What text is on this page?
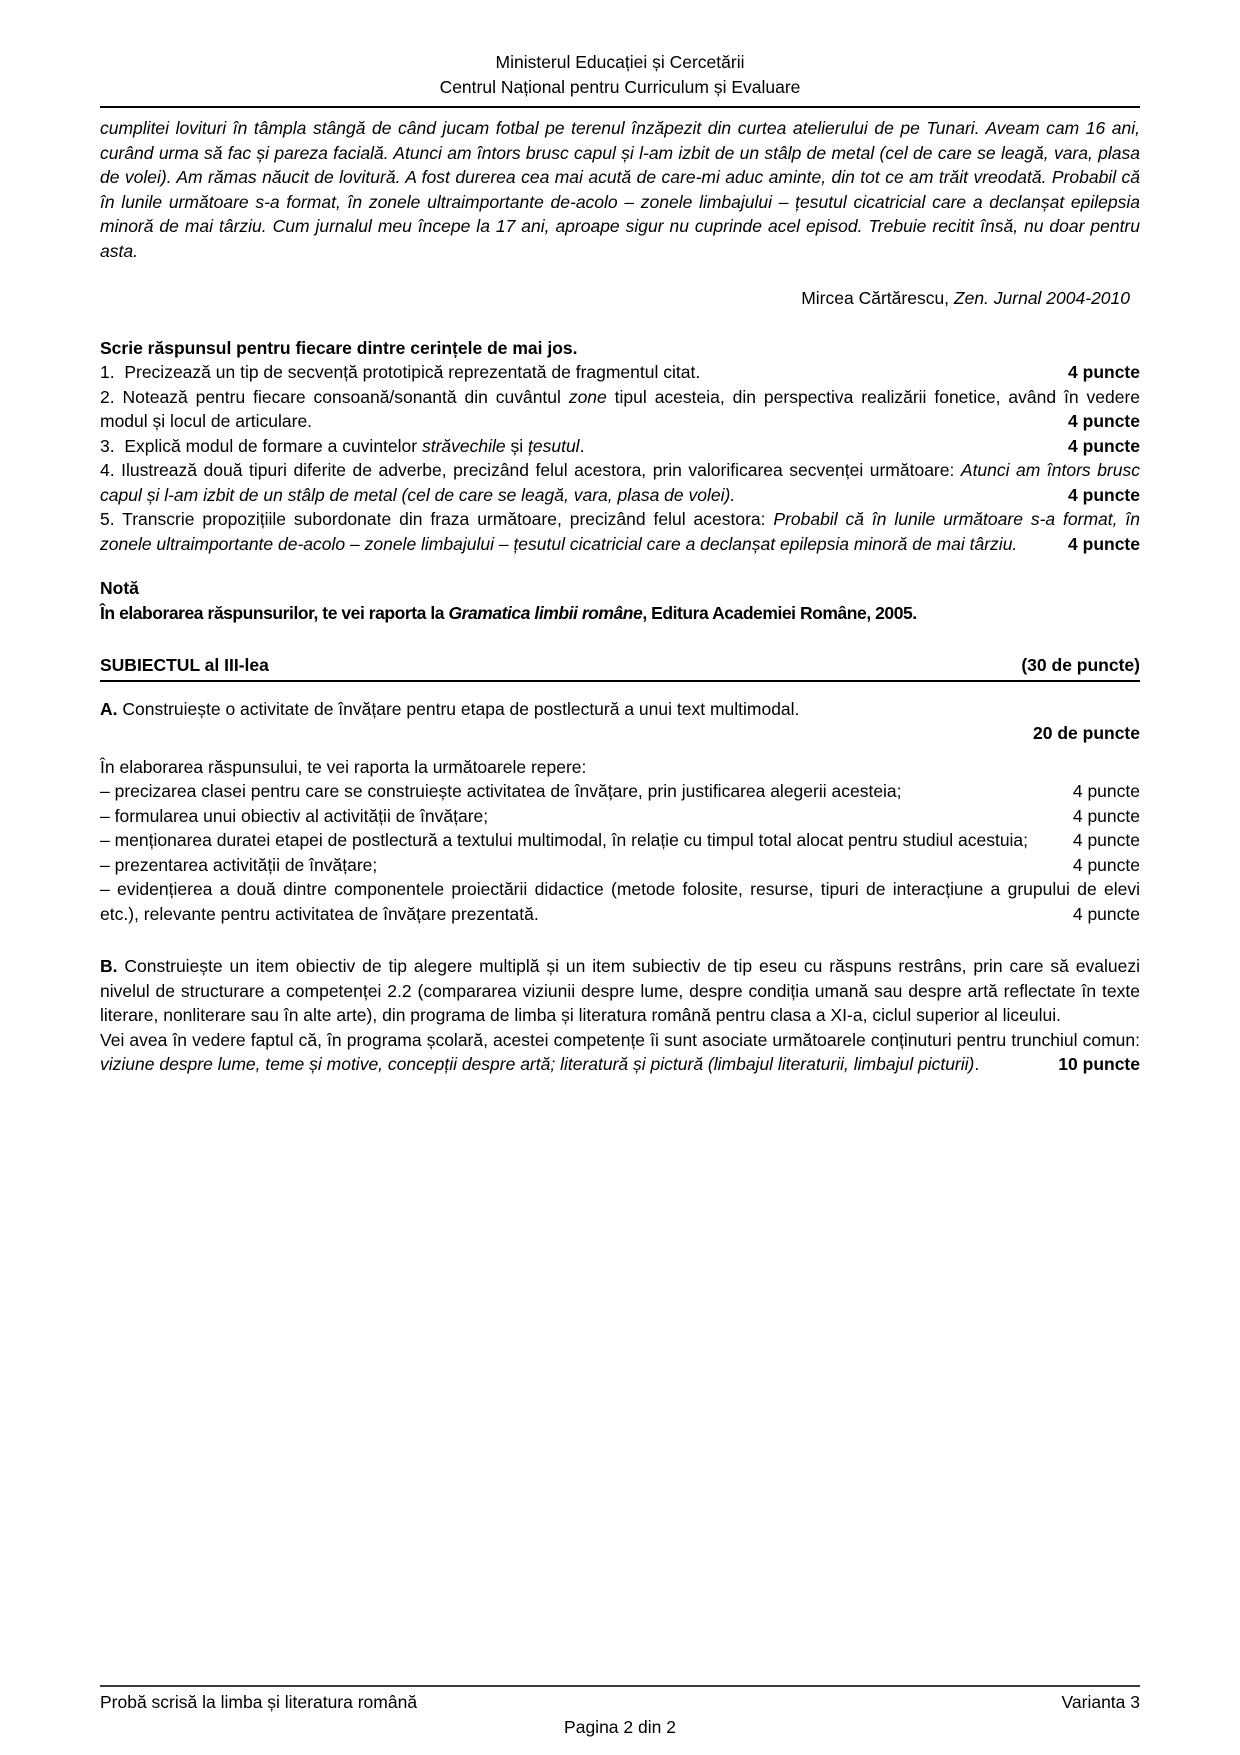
Ministerul Educației și Cercetării
Centrul Național pentru Curriculum și Evaluare

cumplitei lovituri în tâmpla stângă de când jucam fotbal pe terenul înzăpezit din curtea atelierului de pe Tunari. Aveam cam 16 ani, curând urma să fac și pareza facială. Atunci am întors brusc capul și l-am izbit de un stâlp de metal (cel de care se leagă, vara, plasa de volei). Am rămas năucit de lovitură. A fost durerea cea mai acută de care-mi aduc aminte, din tot ce am trăit vreodată. Probabil că în lunile următoare s-a format, în zonele ultraimportante de-acolo – zonele limbajului – țesutul cicatricial care a declanșat epilepsia minoră de mai târziu. Cum jurnalul meu începe la 17 ani, aproape sigur nu cuprinde acel episod. Trebuie recitit însă, nu doar pentru asta.

Mircea Cărtărescu, Zen. Jurnal 2004-2010
Scrie răspunsul pentru fiecare dintre cerințele de mai jos.
1.  Precizează un tip de secvență prototipică reprezentată de fragmentul citat.	4 puncte
2. Notează pentru fiecare consoană/sonantă din cuvântul zone tipul acesteia, din perspectiva realizării fonetice, având în vedere modul și locul de articulare.	4 puncte
3.  Explică modul de formare a cuvintelor străvechile și țesutul.	4 puncte
4. Ilustrează două tipuri diferite de adverbe, precizând felul acestora, prin valorificarea secvenței următoare: Atunci am întors brusc capul și l-am izbit de un stâlp de metal (cel de care se leagă, vara, plasa de volei).	4 puncte
5. Transcrie propozițiile subordonate din fraza următoare, precizând felul acestora: Probabil că în lunile următoare s-a format, în zonele ultraimportante de-acolo – zonele limbajului – țesutul cicatricial care a declanșat epilepsia minoră de mai târziu.	4 puncte
Notă
În elaborarea răspunsurilor, te vei raporta la Gramatica limbii române, Editura Academiei Române, 2005.
SUBIECTUL al III-lea	(30 de puncte)

A. Construiește o activitate de învățare pentru etapa de postlectură a unui text multimodal.

20 de puncte
În elaborarea răspunsului, te vei raporta la următoarele repere:
– precizarea clasei pentru care se construiește activitatea de învățare, prin justificarea alegerii acesteia;	4 puncte
– formularea unui obiectiv al activității de învățare;	4 puncte
– menționarea duratei etapei de postlectură a textului multimodal, în relație cu timpul total alocat pentru studiul acestuia;	4 puncte
– prezentarea activității de învățare;	4 puncte
– evidențierea a două dintre componentele proiectării didactice (metode folosite, resurse, tipuri de interacțiune a grupului de elevi etc.), relevante pentru activitatea de învățare prezentată.	4 puncte

B. Construiește un item obiectiv de tip alegere multiplă și un item subiectiv de tip eseu cu răspuns restrâns, prin care să evaluezi nivelul de structurare a competenței 2.2 (compararea viziunii despre lume, despre condiția umană sau despre artă reflectate în texte literare, nonliterare sau în alte arte), din programa de limba și literatura română pentru clasa a XI-a, ciclul superior al liceului.

Vei avea în vedere faptul că, în programa școlară, acestei competențe îi sunt asociate următoarele conținuturi pentru trunchiul comun: viziune despre lume, teme și motive, concepții despre artă; literatură și pictură (limbajul literaturii, limbajul picturii).	10 puncte
Probă scrisă la limba și literatura română	Varianta 3
Pagina 2 din 2
